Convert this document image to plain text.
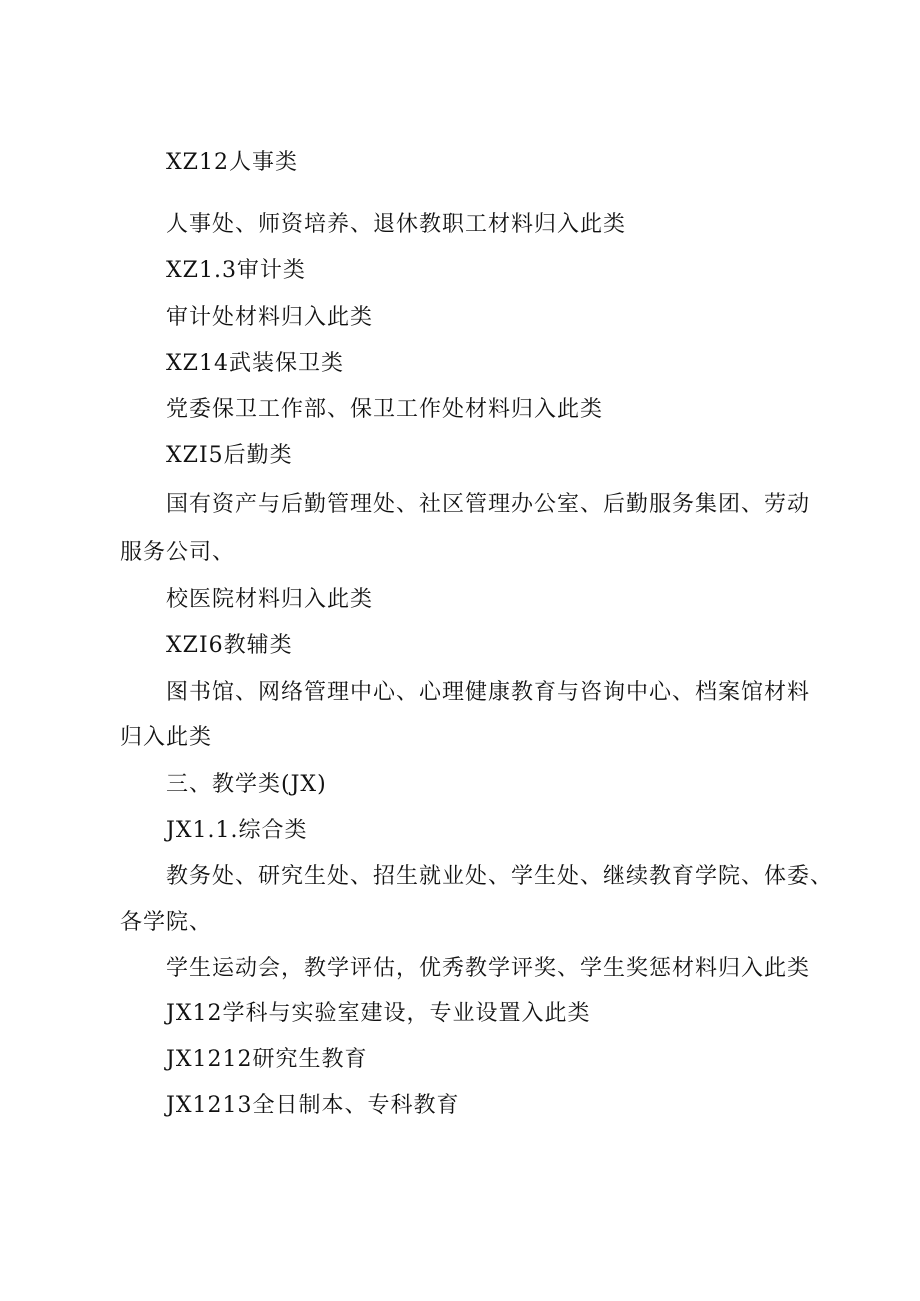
XZ12人事类
人事处、师资培养、退休教职工材料归入此类
XZ1.3审计类
审计处材料归入此类
XZ14武装保卫类
党委保卫工作部、保卫工作处材料归入此类
XZI5后勤类
国有资产与后勤管理处、社区管理办公室、后勤服务集团、劳动
服务公司、
校医院材料归入此类
XZI6教辅类
图书馆、网络管理中心、心理健康教育与咨询中心、档案馆材料
归入此类
三、教学类(JX)
JX1.1.综合类
教务处、研究生处、招生就业处、学生处、继续教育学院、体委、
各学院、
学生运动会，教学评估，优秀教学评奖、学生奖惩材料归入此类
JX12学科与实验室建设，专业设置入此类
JX1212研究生教育
JX1213全日制本、专科教育
